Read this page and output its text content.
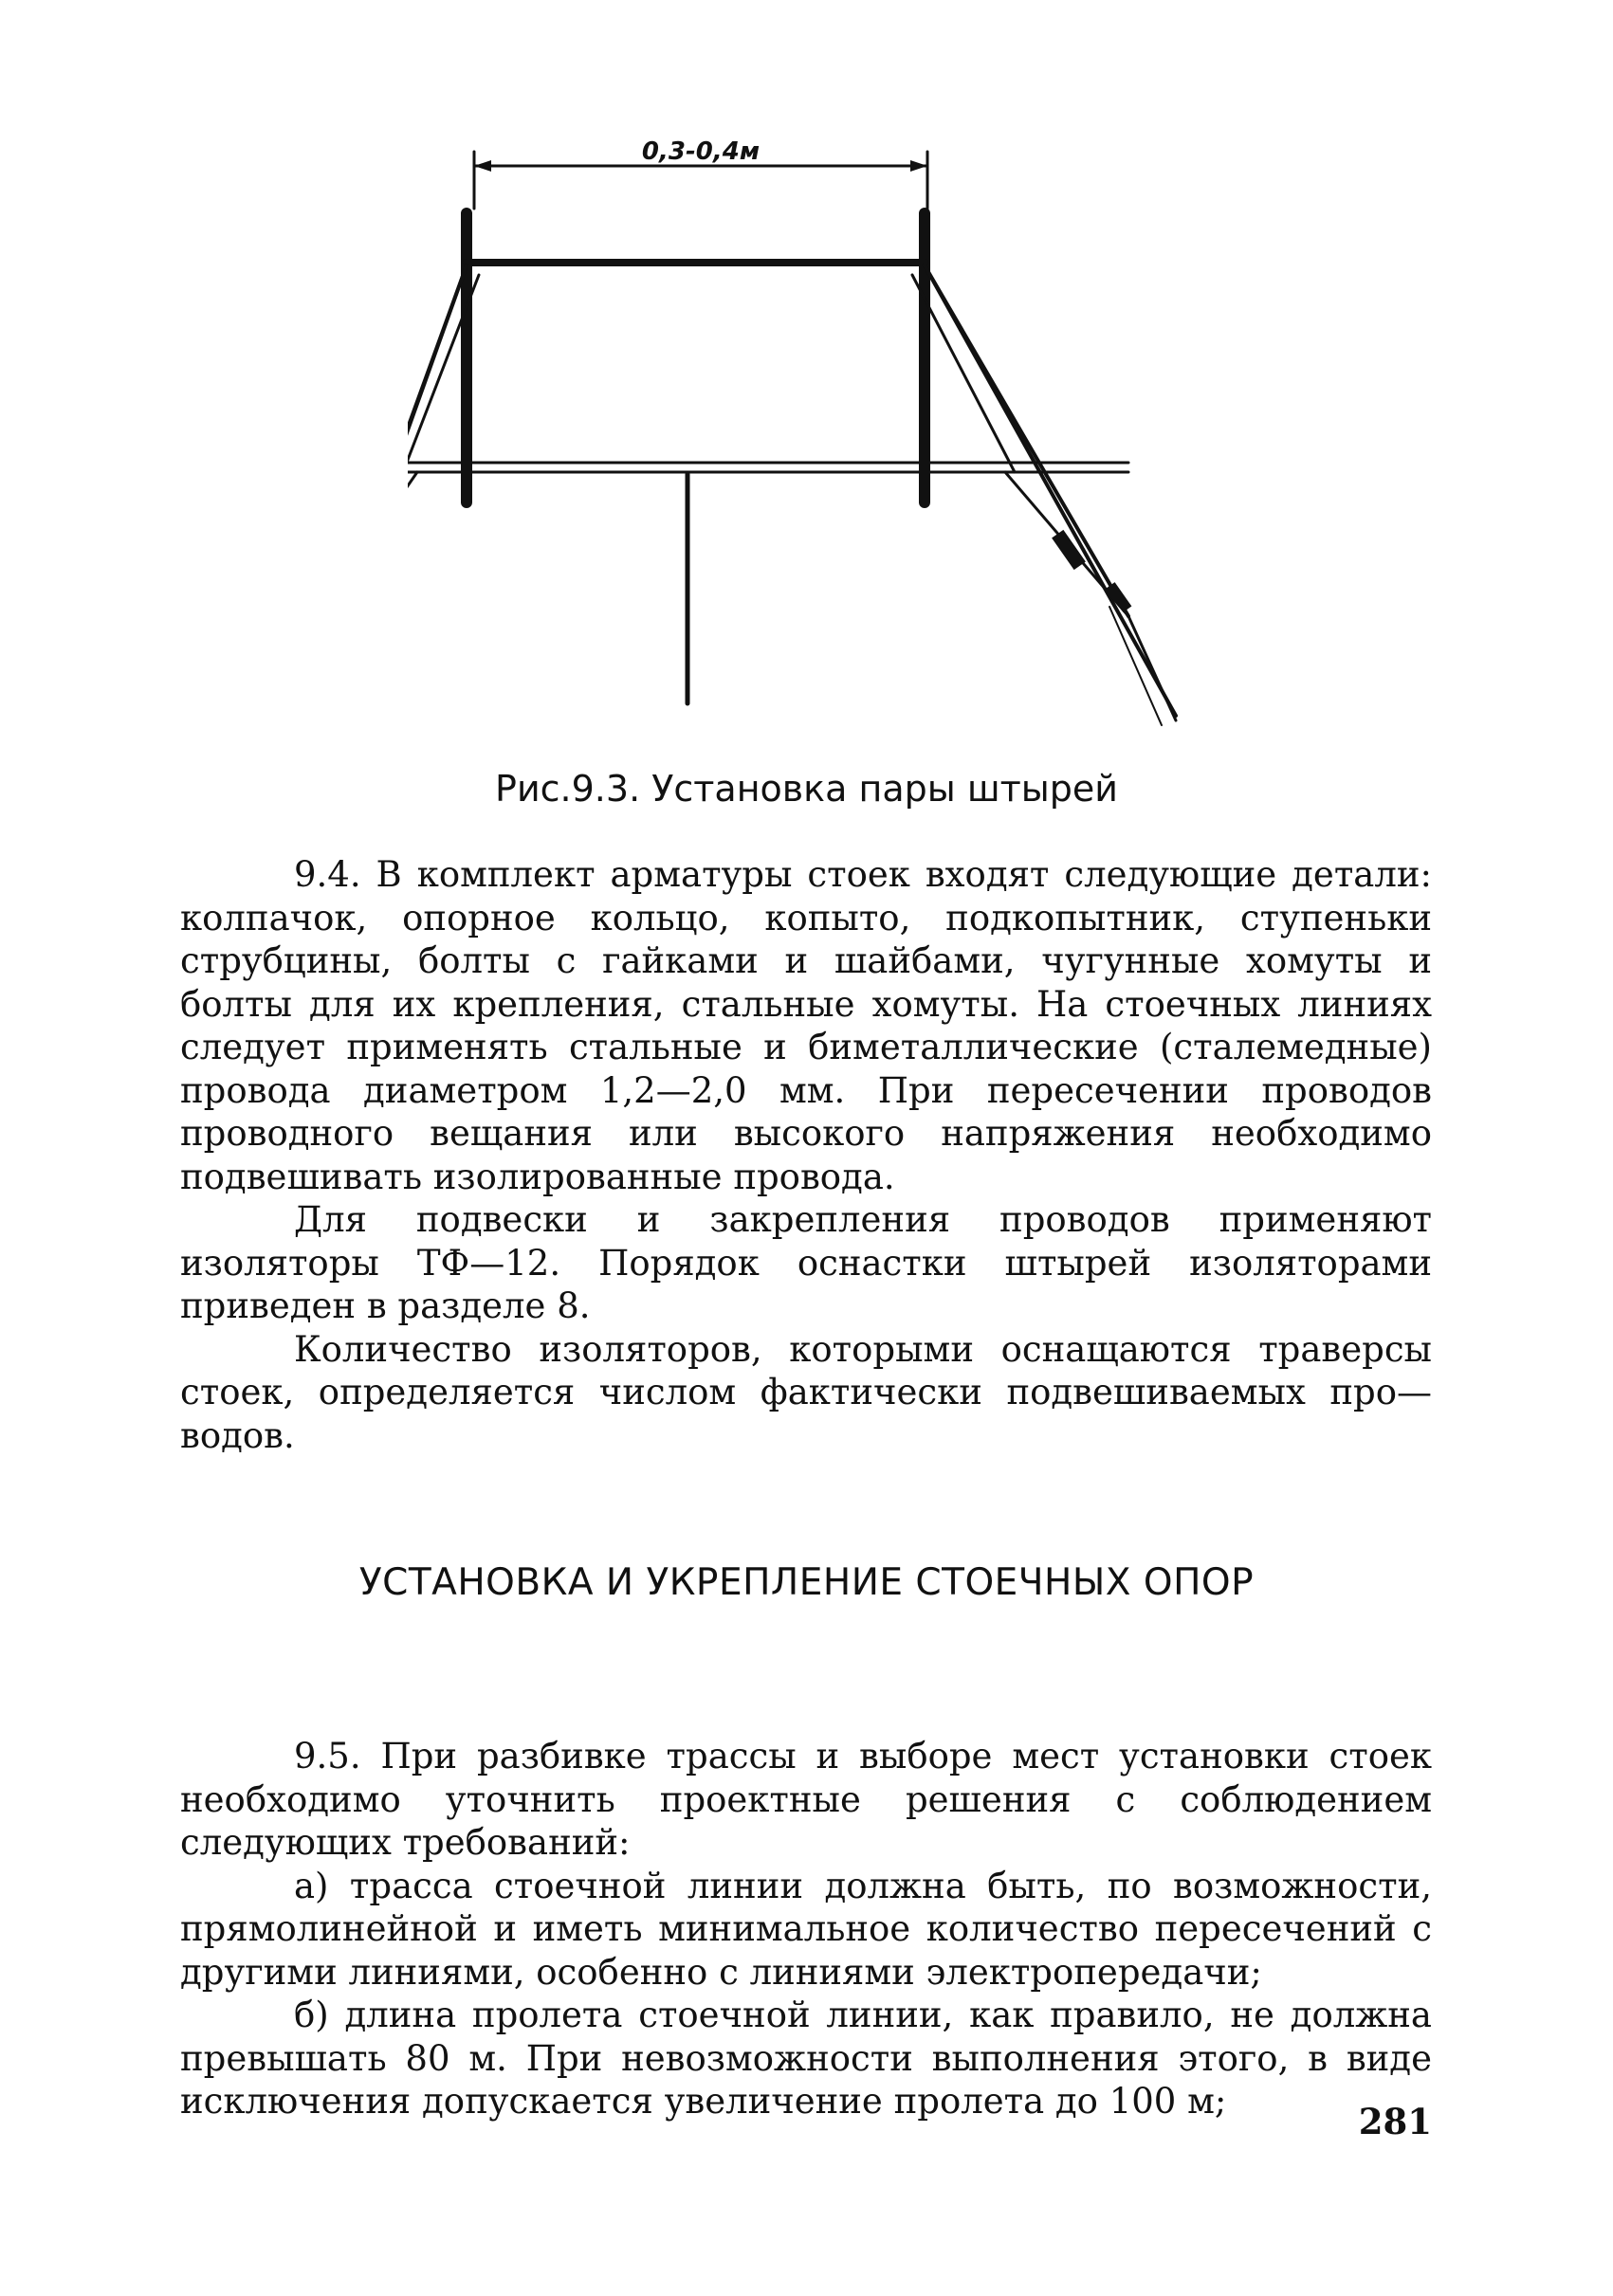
0,3-0,4м
Рис.9.3. Установка пары штырей

9.4. В комплект арматуры стоек входят следующие детали: колпачок, опорное кольцо, копыто, подкопытник, ступеньки струбцины, болты с гайками и шайбами, чугунные хомуты и болты для их крепления, стальные хомуты. На стоечных линиях следует применять стальные и биметаллические (сталемедные) провода диаметром 1,2—2,0 мм. При пересечении проводов проводного вещания или высокого напряжения необходимо подвешивать изолированные провода.

Для подвески и закрепления проводов применяют изоляторы ТФ—12. Порядок оснастки штырей изоляторами приведен в разделе 8.

Количество изоляторов, которыми оснащаются траверсы стоек, определяется числом фактически подвешиваемых про—водов.

УСТАНОВКА И УКРЕПЛЕНИЕ СТОЕЧНЫХ ОПОР

9.5. При разбивке трассы и выборе мест установки стоек необходимо уточнить проектные решения с соблюдением следующих требований:

а) трасса стоечной линии должна быть, по возможности, прямолинейной и иметь минимальное количество пересечений с другими линиями, особенно с линиями электропередачи;

б) длина пролета стоечной линии, как правило, не должна превышать 80 м. При невозможности выполнения этого, в виде исключения допускается увеличение пролета до 100 м;	281
